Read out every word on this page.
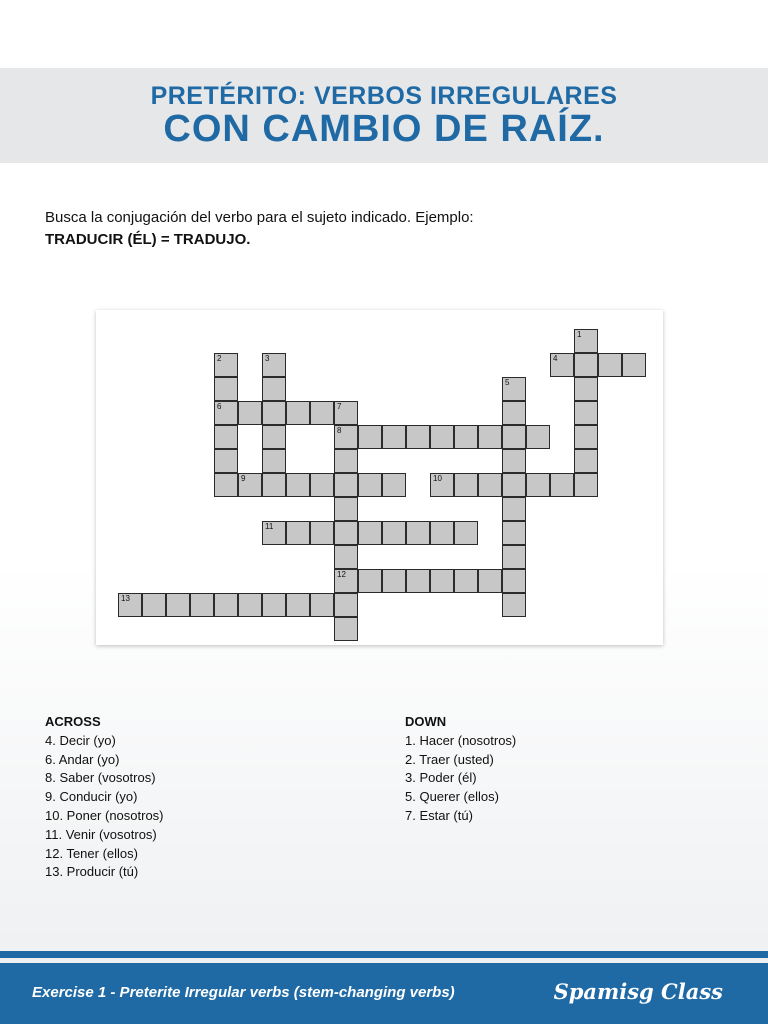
PRETÉRITO: VERBOS IRREGULARES
CON CAMBIO DE RAÍZ.
Busca la conjugación del verbo para el sujeto indicado. Ejemplo:
TRADUCIR (ÉL) = TRADUJO.
1
2
6
3	4
5
7
8
12
9	10
11
13
ACROSS
4. Decir (yo)
6. Andar (yo)
8. Saber (vosotros)
9. Conducir (yo)
10. Poner (nosotros)
11. Venir (vosotros)
12. Tener (ellos)
13. Producir (tú)
DOWN
1. Hacer (nosotros)
2. Traer (usted)
3. Poder (él)
5. Querer (ellos)
7. Estar (tú)
Exercise 1 - Preterite Irregular verbs (stem-changing verbs)	Spamisg Class
